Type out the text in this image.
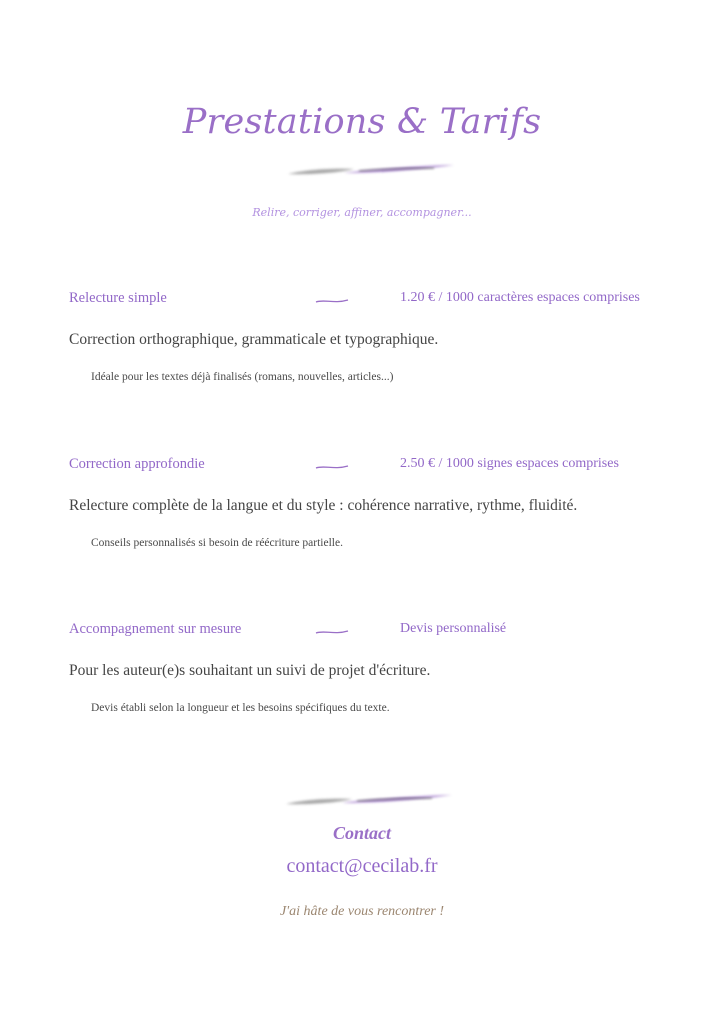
Prestations & Tarifs
Relire, corriger, affiner, accompagner...
Relecture simple	1.20 € / 1000 caractères espaces comprises
Correction orthographique, grammaticale et typographique.
Idéale pour les textes déjà finalisés (romans, nouvelles, articles...)
Correction approfondie	2.50 € / 1000 signes espaces comprises
Relecture complète de la langue et du style : cohérence narrative, rythme, fluidité.
Conseils personnalisés si besoin de réécriture partielle.
Accompagnement sur mesure	Devis personnalisé
Pour les auteur(e)s souhaitant un suivi de projet d'écriture.
Devis établi selon la longueur et les besoins spécifiques du texte.
Contact
contact@cecilab.fr
J'ai hâte de vous rencontrer !
